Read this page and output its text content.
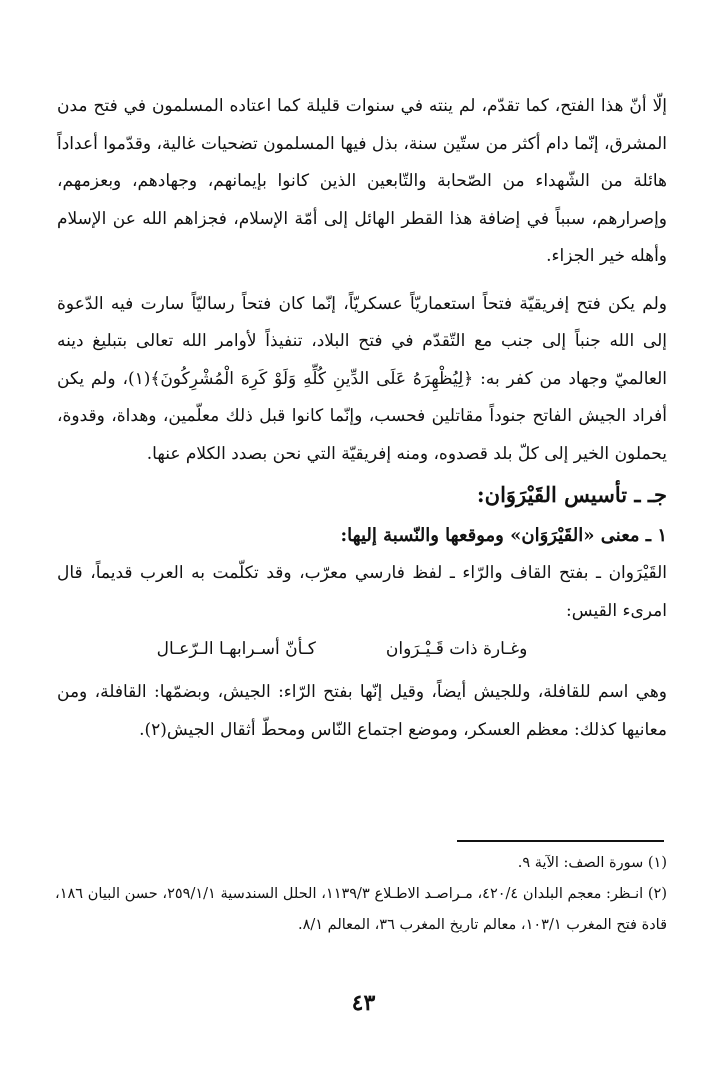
إلّا أنّ هذا الفتح، كما تقدّم، لم ينته في سنوات قليلة كما اعتاده المسلمون في فتح مدن المشرق، إنّما دام أكثر من ستّين سنة، بذل فيها المسلمون تضحيات غالية، وقدّموا أعداداً هائلة من الشّهداء من الصّحابة والتّابعين الذين كانوا بإيمانهم، وجهادهم، وبعزمهم، وإصرارهم، سبباً في إضافة هذا القطر الهائل إلى أمّة الإسلام، فجزاهم الله عن الإسلام وأهله خير الجزاء.

ولم يكن فتح إفريقيّة فتحاً استعماريّاً عسكريّاً، إنّما كان فتحاً رساليّاً سارت فيه الدّعوة إلى الله جنباً إلى جنب مع التّقدّم في فتح البلاد، تنفيذاً لأوامر الله تعالى بتبليغ دينه العالميّ وجهاد من كفر به: ﴿لِيُظْهِرَهُ عَلَى الدِّينِ كُلِّهِ وَلَوْ كَرِهَ الْمُشْرِكُونَ﴾(١)، ولم يكن أفراد الجيش الفاتح جنوداً مقاتلين فحسب، وإنّما كانوا قبل ذلك معلّمين، وهداة، وقدوة، يحملون الخير إلى كلّ بلد قصدوه، ومنه إفريقيّة التي نحن بصدد الكلام عنها.

جـ ـ تأسيس القَيْرَوَان:

١ ـ معنى «القَيْرَوَان» وموقعها والنّسبة إليها:

القَيْرَوان ـ بفتح القاف والرّاء ـ لفظ فارسي معرّب، وقد تكلّمت به العرب قديماً، قال امرىء القيس:

وغـارة ذات قَـيْـرَوان
كـأنّ أسـرابهـا الـرّعـال

وهي اسم للقافلة، وللجيش أيضاً، وقيل إنّها بفتح الرّاء: الجيش، وبضمّها: القافلة، ومن معانيها كذلك: معظم العسكر، وموضع اجتماع النّاس ومحطّ أثقال الجيش(٢).

(١) سورة الصف: الآية ٩.

(٢) انـظر: معجم البلدان ٤٢٠/٤، مـراصـد الاطـلاع ١١٣٩/٣، الحلل السندسية ٢٥٩/١/١، حسن البيان ١٨٦، قادة فتح المغرب ١٠٣/١، معالم تاريخ المغرب ٣٦، المعالم ٨/١.

٤٣
